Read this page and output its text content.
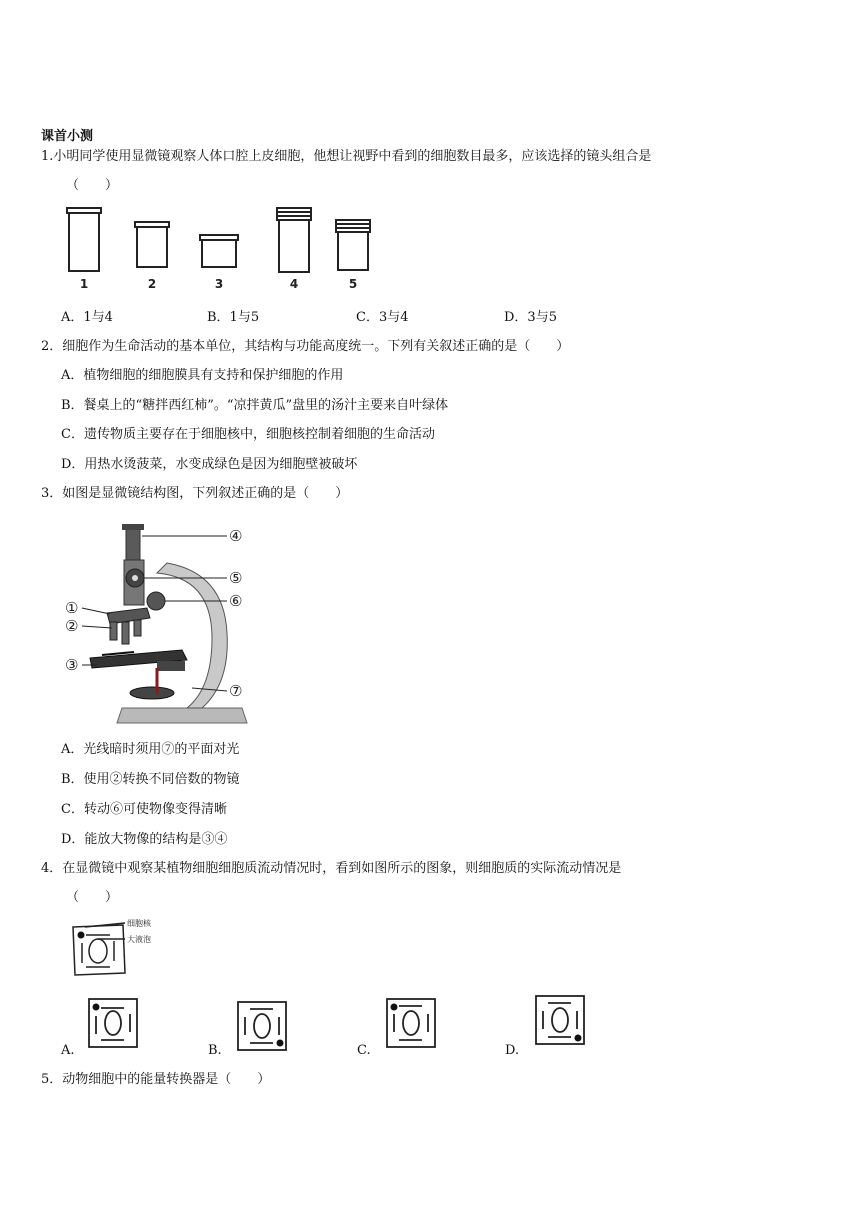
课首小测
1.小明同学使用显微镜观察人体口腔上皮细胞，他想让视野中看到的细胞数目最多，应该选择的镜头组合是
（　　）
1	2	3	4	5
A．1与4	B．1与5	C．3与4	D．3与5
2．细胞作为生命活动的基本单位，其结构与功能高度统一。下列有关叙述正确的是（　　）
A．植物细胞的细胞膜具有支持和保护细胞的作用
B．餐桌上的“糖拌西红柿”。“凉拌黄瓜”盘里的汤汁主要来自叶绿体
C．遗传物质主要存在于细胞核中，细胞核控制着细胞的生命活动
D．用热水烫菠菜，水变成绿色是因为细胞壁被破坏
3．如图是显微镜结构图，下列叙述正确的是（　　）
④
⑤
⑥
①
②
③
⑦
A．光线暗时须用⑦的平面对光
B．使用②转换不同倍数的物镜
C．转动⑥可使物像变得清晰
D．能放大物像的结构是③④
4．在显微镜中观察某植物细胞细胞质流动情况时，看到如图所示的图象，则细胞质的实际流动情况是
（　　）
细胞核
大液泡
A.	B.	C.	D.
5．动物细胞中的能量转换器是（　　）
